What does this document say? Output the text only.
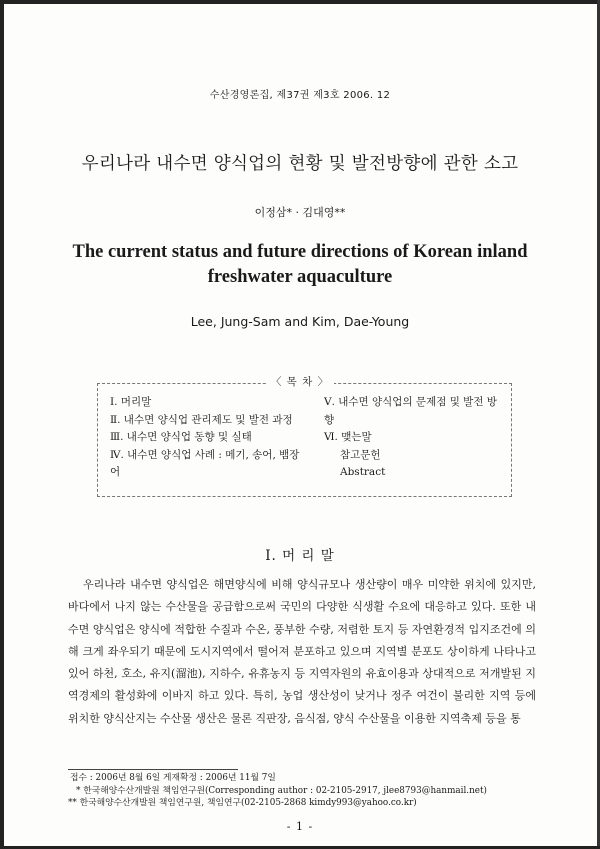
수산경영론집, 제37권 제3호 2006. 12
우리나라 내수면 양식업의 현황 및 발전방향에 관한 소고
이정삼* · 김대영**
The current status and future directions of Korean inland freshwater aquaculture
Lee, Jung-Sam and Kim, Dae-Young
〈 목 차 〉
Ⅰ. 머리말
Ⅱ. 내수면 양식업 관리제도 및 발전 과정
Ⅲ. 내수면 양식업 동향 및 실태
Ⅳ. 내수면 양식업 사례 : 메기, 송어, 뱀장어
Ⅴ. 내수면 양식업의 문제점 및 발전 방향
Ⅵ. 맺는말
참고문헌
Abstract
Ⅰ. 머 리 말

우리나라 내수면 양식업은 해면양식에 비해 양식규모나 생산량이 매우 미약한 위치에 있지만, 바다에서 나지 않는 수산물을 공급함으로써 국민의 다양한 식생활 수요에 대응하고 있다. 또한 내수면 양식업은 양식에 적합한 수질과 수온, 풍부한 수량, 저렴한 토지 등 자연환경적 입지조건에 의해 크게 좌우되기 때문에 도시지역에서 떨어져 분포하고 있으며 지역별 분포도 상이하게 나타나고 있어 하천, 호소, 유지(溜池), 지하수, 유휴농지 등 지역자원의 유효이용과 상대적으로 저개발된 지역경제의 활성화에 이바지 하고 있다. 특히, 농업 생산성이 낮거나 정주 여건이 불리한 지역 등에 위치한 양식산지는 수산물 생산은 물론 직판장, 음식점, 양식 수산물을 이용한 지역축제 등을 통

접수 : 2006년 8월 6일 게재확정 : 2006년 11월 7일
* 한국해양수산개발원 책임연구원(Corresponding author : 02-2105-2917, jlee8793@hanmail.net)
** 한국해양수산개발원 책임연구원, 책임연구(02-2105-2868 kimdy993@yahoo.co.kr)
- 1 -
